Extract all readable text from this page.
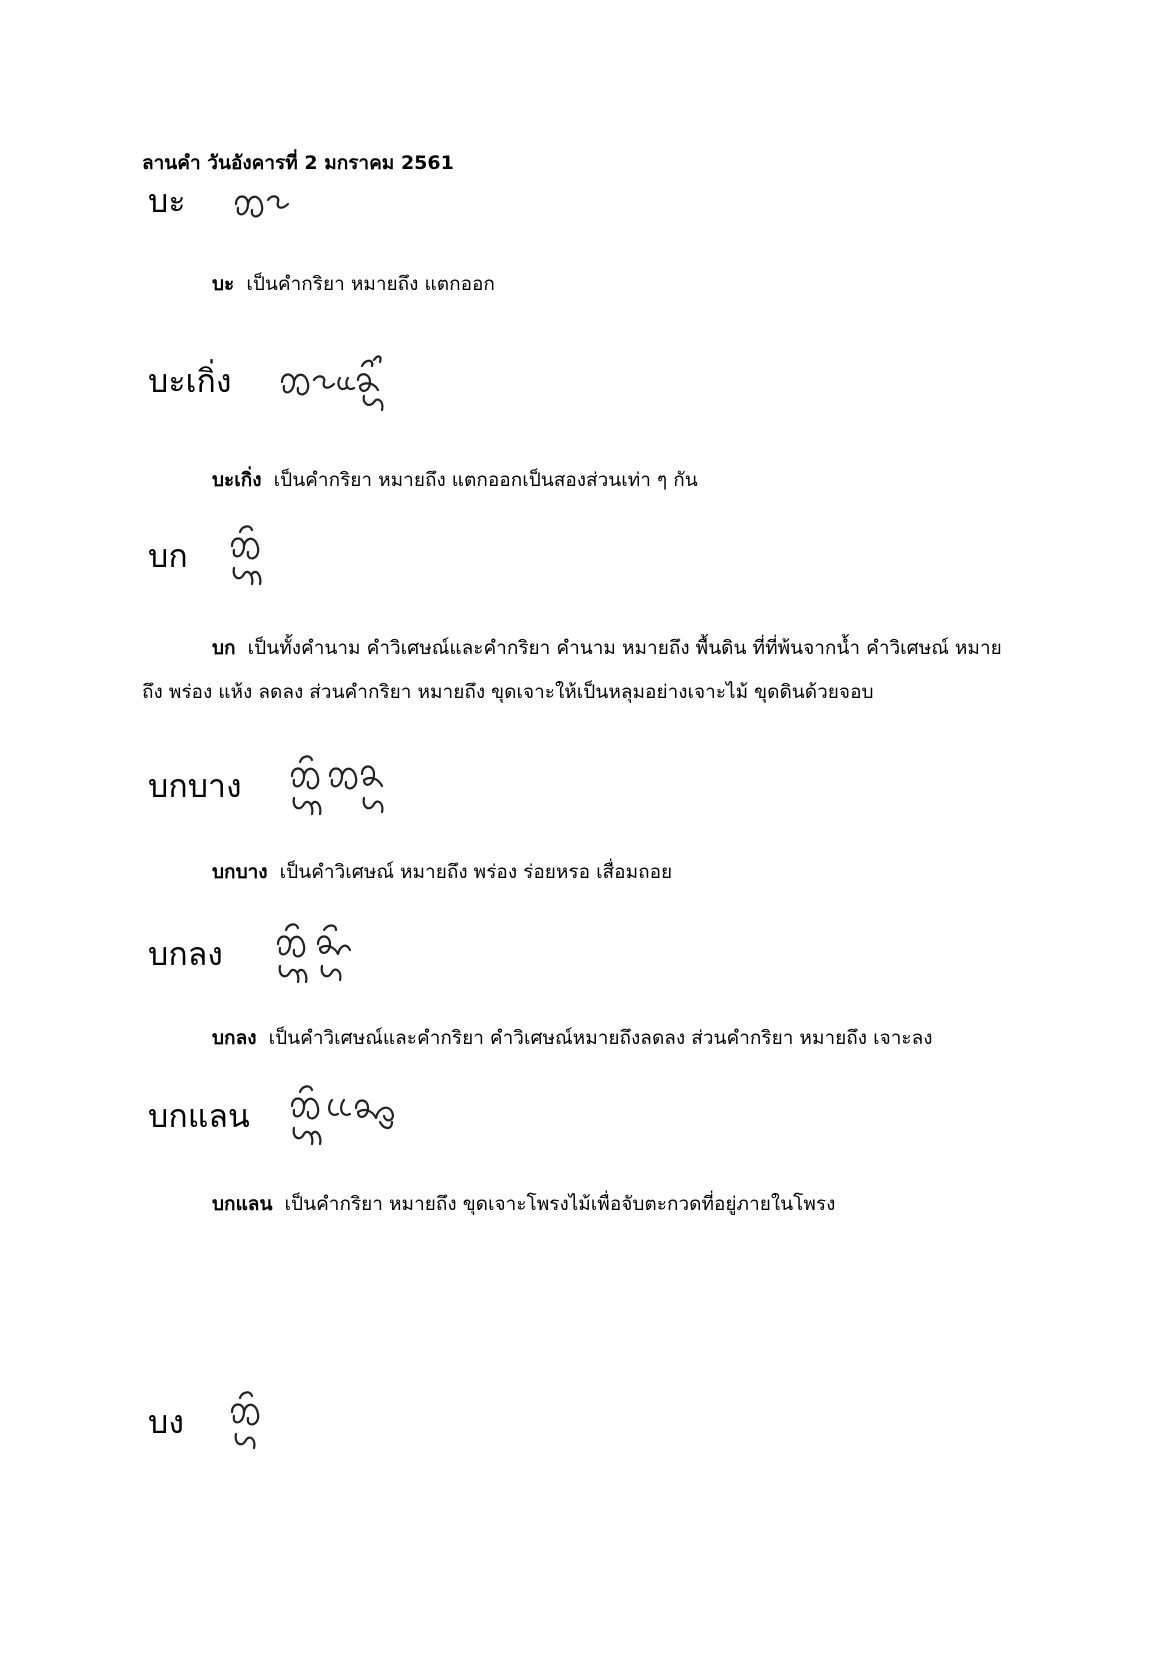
ลานคำ วันอังคารที่ 2 มกราคม 2561
บะ

บะ เป็นคำกริยา หมายถึง แตกออก

บะเกิ่ง

บะเกิ่ง เป็นคำกริยา หมายถึง แตกออกเป็นสองส่วนเท่า ๆ กัน

บก

บก เป็นทั้งคำนาม คำวิเศษณ์และคำกริยา คำนาม หมายถึง พื้นดิน ที่ที่พ้นจากน้ำ คำวิเศษณ์ หมายถึง พร่อง แห้ง ลดลง ส่วนคำกริยา หมายถึง ขุดเจาะให้เป็นหลุมอย่างเจาะไม้ ขุดดินด้วยจอบ

บกบาง

บกบาง เป็นคำวิเศษณ์ หมายถึง พร่อง ร่อยหรอ เสื่อมถอย

บกลง

บกลง เป็นคำวิเศษณ์และคำกริยา คำวิเศษณ์หมายถึงลดลง ส่วนคำกริยา หมายถึง เจาะลง

บกแลน

บกแลน เป็นคำกริยา หมายถึง ขุดเจาะโพรงไม้เพื่อจับตะกวดที่อยู่ภายในโพรง

บง
